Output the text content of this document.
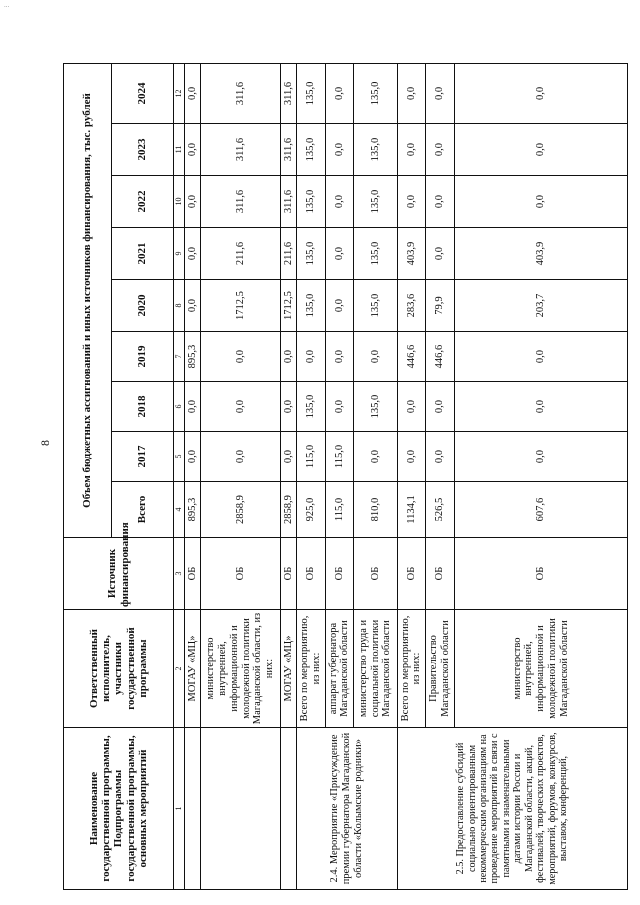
...
8
Наименование государственной программы, Подпрограммы государственной программы, основных мероприятий	Ответственный исполнитель, участники государственной программы	Источник финансирования	Объем бюджетных ассигнований и иных источников финансирования, тыс. рублей								
			Всего	2017	2018	2019	2020	2021	2022	2023	2024
1	2	3	4	5	6	7	8	9	10	11	12
	МОГАУ «МЦ»	ОБ	895,3	0,0	0,0	895,3	0,0	0,0	0,0	0,0	0,0
	министерство внутренней, информационной и молодежной политики Магаданской области, из них:	ОБ	2858,9	0,0	0,0	0,0	1712,5	211,6	311,6	311,6	311,6
	МОГАУ «МЦ»	ОБ	2858,9	0,0	0,0	0,0	1712,5	211,6	311,6	311,6	311,6
2.4. Мероприятие «Присуждение премии губернатора Магаданской области «Колымские родники»	Всего по мероприятию, из них:	ОБ	925,0	115,0	135,0	0,0	135,0	135,0	135,0	135,0	135,0
	аппарат губернатора Магаданской области	ОБ	115,0	115,0	0,0	0,0	0,0	0,0	0,0	0,0	0,0
	министерство труда и социальной политики Магаданской области	ОБ	810,0	0,0	135,0	0,0	135,0	135,0	135,0	135,0	135,0
2.5. Предоставление субсидий социально ориентированным некоммерческим организациям на проведение мероприятий в связи с памятными и знаменательными датами истории России и Магаданской области, акций, фестивалей, творческих проектов, мероприятий, форумов, конкурсов, выставок, конференций,	Всего по мероприятию, из них:	ОБ	1134,1	0,0	0,0	446,6	283,6	403,9	0,0	0,0	0,0
	Правительство Магаданской области	ОБ	526,5	0,0	0,0	446,6	79,9	0,0	0,0	0,0	0,0
	министерство внутренней, информационной и молодежной политики Магаданской области	ОБ	607,6	0,0	0,0	0,0	203,7	403,9	0,0	0,0	0,0
